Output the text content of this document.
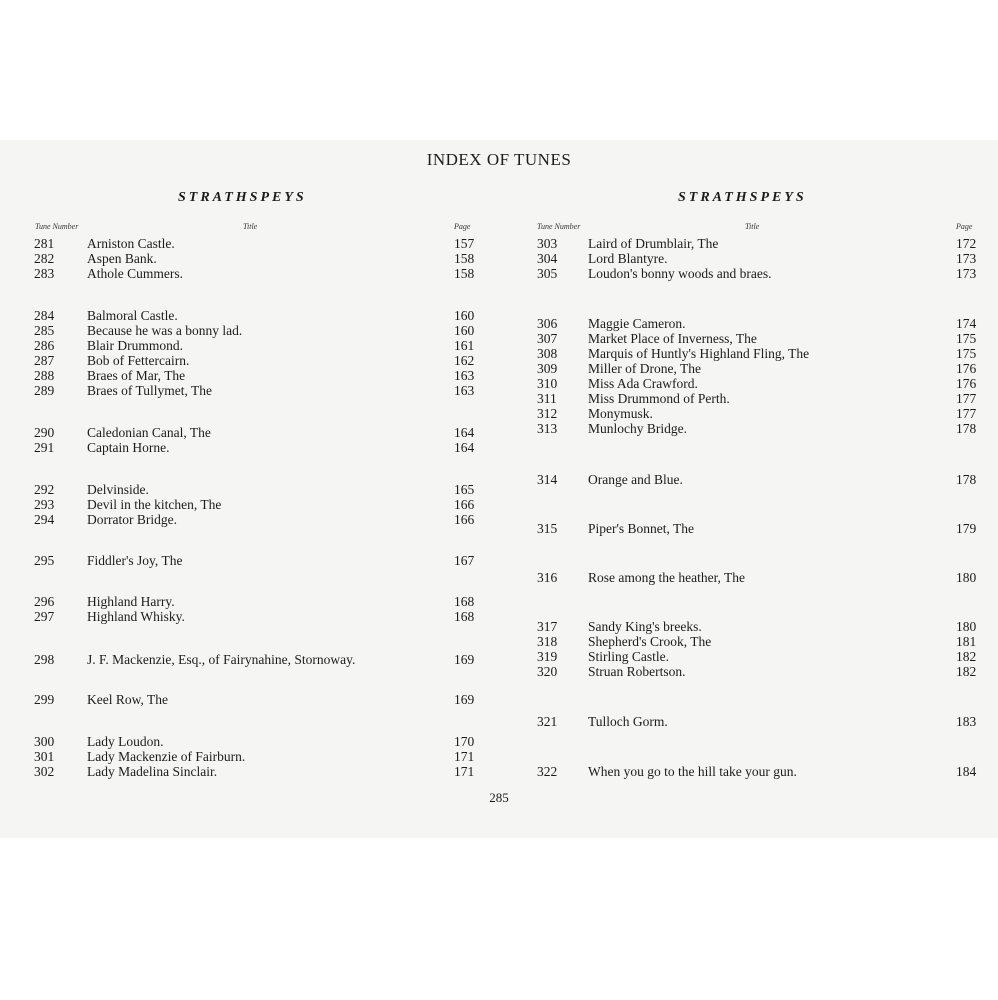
INDEX OF TUNES
STRATHSPEYS	STRATHSPEYS
Tune Number	Title	Page	Tune Number	Title	Page
281 Arniston Castle.	157
282 Aspen Bank.	158
283 Athole Cummers.	158
284 Balmoral Castle.	160
285 Because he was a bonny lad.	160
286 Blair Drummond.	161
287 Bob of Fettercairn.	162
288 Braes of Mar, The	163
289 Braes of Tullymet, The	163
290 Caledonian Canal, The	164
291 Captain Horne.	164
292 Delvinside.	165
293 Devil in the kitchen, The	166
294 Dorrator Bridge.	166
295 Fiddler's Joy, The	167
296 Highland Harry.	168
297 Highland Whisky.	168
298 J. F. Mackenzie, Esq., of Fairynahine, Stornoway.	169
299 Keel Row, The	169
300 Lady Loudon.	170
301 Lady Mackenzie of Fairburn.	171
302 Lady Madelina Sinclair.	171
303 Laird of Drumblair, The	172
304 Lord Blantyre.	173
305 Loudon's bonny woods and braes.	173
306 Maggie Cameron.	174
307 Market Place of Inverness, The	175
308 Marquis of Huntly's Highland Fling, The	175
309 Miller of Drone, The	176
310 Miss Ada Crawford.	176
311 Miss Drummond of Perth.	177
312 Monymusk.	177
313 Munlochy Bridge.	178
314 Orange and Blue.	178
315 Piper's Bonnet, The	179
316 Rose among the heather, The	180
317 Sandy King's breeks.	180
318 Shepherd's Crook, The	181
319 Stirling Castle.	182
320 Struan Robertson.	182
321 Tulloch Gorm.	183
322 When you go to the hill take your gun.	184
285
